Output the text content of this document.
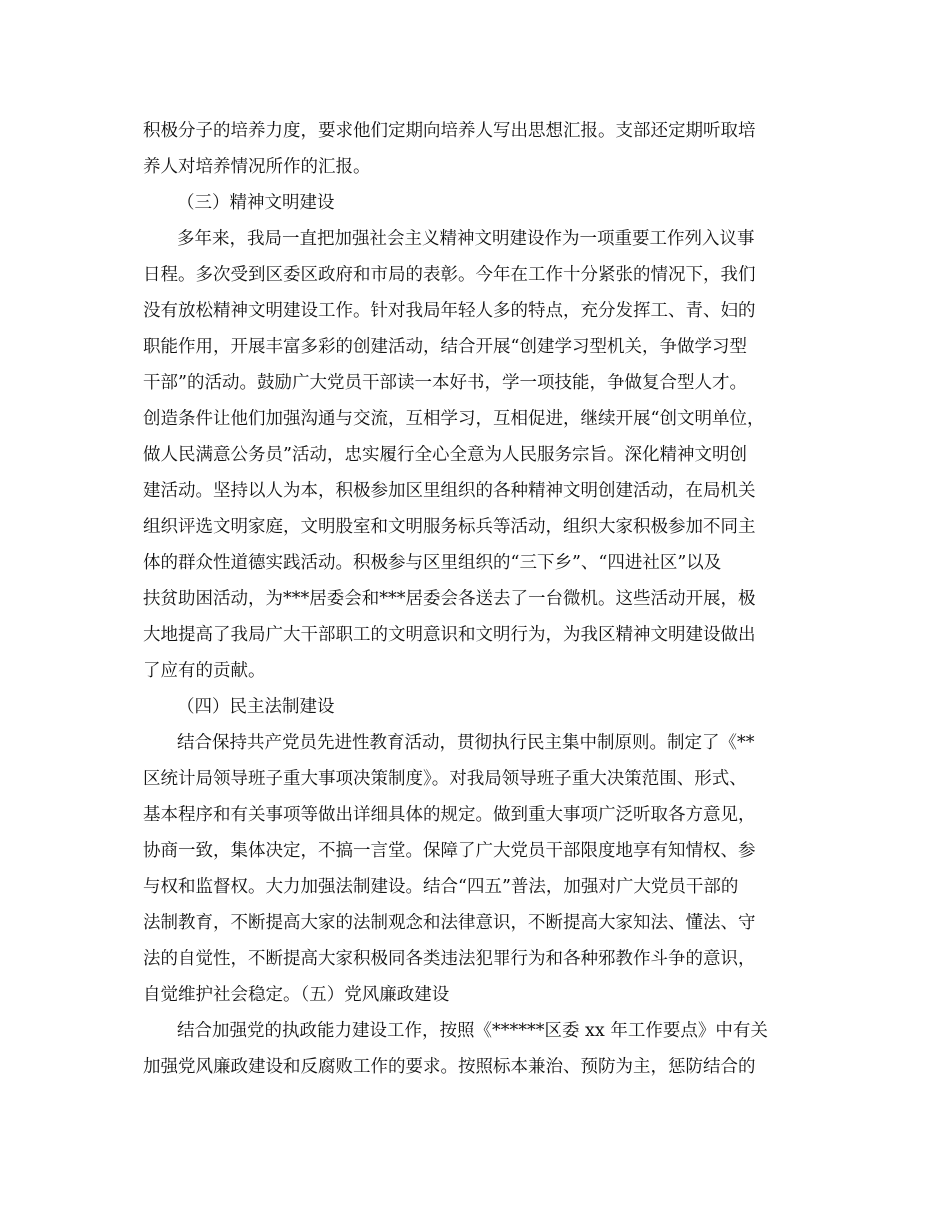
积极分子的培养力度，要求他们定期向培养人写出思想汇报。支部还定期听取培
养人对培养情况所作的汇报。
（三）精神文明建设
多年来，我局一直把加强社会主义精神文明建设作为一项重要工作列入议事
日程。多次受到区委区政府和市局的表彰。今年在工作十分紧张的情况下，我们
没有放松精神文明建设工作。针对我局年轻人多的特点，充分发挥工、青、妇的
职能作用，开展丰富多彩的创建活动，结合开展“创建学习型机关，争做学习型
干部”的活动。鼓励广大党员干部读一本好书，学一项技能，争做复合型人才。
创造条件让他们加强沟通与交流，互相学习，互相促进，继续开展“创文明单位，
做人民满意公务员”活动，忠实履行全心全意为人民服务宗旨。深化精神文明创
建活动。坚持以人为本，积极参加区里组织的各种精神文明创建活动，在局机关
组织评选文明家庭，文明股室和文明服务标兵等活动，组织大家积极参加不同主
体的群众性道德实践活动。积极参与区里组织的“三下乡”、“四进社区”以及
扶贫助困活动，为***居委会和***居委会各送去了一台微机。这些活动开展，极
大地提高了我局广大干部职工的文明意识和文明行为，为我区精神文明建设做出
了应有的贡献。
（四）民主法制建设
结合保持共产党员先进性教育活动，贯彻执行民主集中制原则。制定了《**
区统计局领导班子重大事项决策制度》。对我局领导班子重大决策范围、形式、
基本程序和有关事项等做出详细具体的规定。做到重大事项广泛听取各方意见，
协商一致，集体决定，不搞一言堂。保障了广大党员干部限度地享有知情权、参
与权和监督权。大力加强法制建设。结合“四五”普法，加强对广大党员干部的
法制教育，不断提高大家的法制观念和法律意识，不断提高大家知法、懂法、守
法的自觉性，不断提高大家积极同各类违法犯罪行为和各种邪教作斗争的意识，
自觉维护社会稳定。（五）党风廉政建设
结合加强党的执政能力建设工作，按照《******区委 xx 年工作要点》中有关
加强党风廉政建设和反腐败工作的要求。按照标本兼治、预防为主，惩防结合的
